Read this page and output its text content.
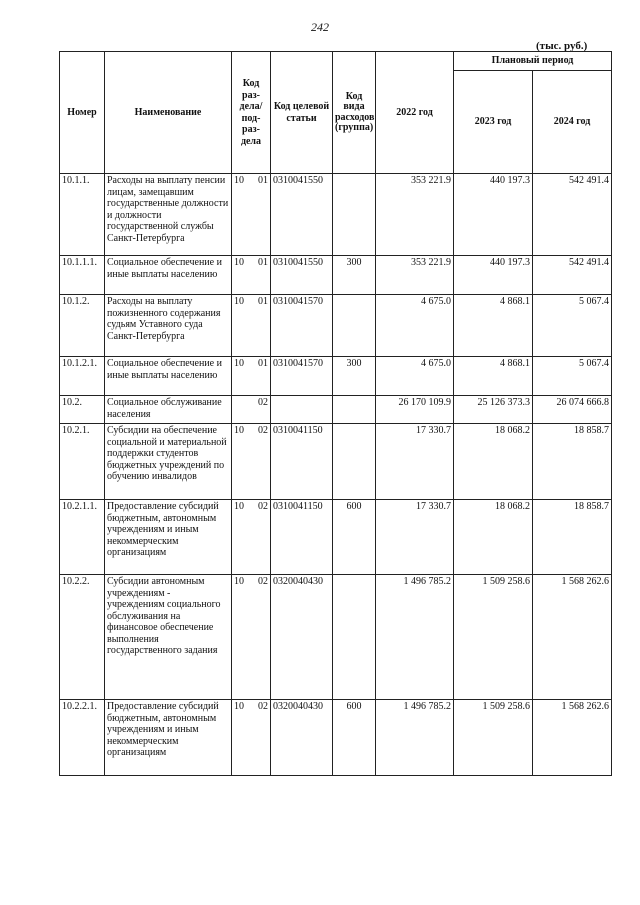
242
(тыс. руб.)
Номер	Наименование	Код раз- дела/ под- раз- дела	Код целевой статьи	Код вида расходов (группа)	2022 год	Плановый период	
						2023 год	2024 год
10.1.1.	Расходы на выплату пенсии лицам, замещавшим государственные должности и должности государственной службы Санкт-Петербурга	10 01	0310041550		353 221.9	440 197.3	542 491.4
10.1.1.1.	Социальное обеспечение и иные выплаты населению	10 01	0310041550	300	353 221.9	440 197.3	542 491.4
10.1.2.	Расходы на выплату пожизненного содержания судьям Уставного суда Санкт-Петербурга	10 01	0310041570		4 675.0	4 868.1	5 067.4
10.1.2.1.	Социальное обеспечение и иные выплаты населению	10 01	0310041570	300	4 675.0	4 868.1	5 067.4
10.2.	Социальное обслуживание населения	02			26 170 109.9	25 126 373.3	26 074 666.8
10.2.1.	Субсидии на обеспечение социальной и материальной поддержки студентов бюджетных учреждений по обучению инвалидов	10 02	0310041150		17 330.7	18 068.2	18 858.7
10.2.1.1.	Предоставление субсидий бюджетным, автономным учреждениям и иным некоммерческим организациям	10 02	0310041150	600	17 330.7	18 068.2	18 858.7
10.2.2.	Субсидии автономным учреждениям - учреждениям социального обслуживания на финансовое обеспечение выполнения государственного задания	10 02	0320040430		1 496 785.2	1 509 258.6	1 568 262.6
10.2.2.1.	Предоставление субсидий бюджетным, автономным учреждениям и иным некоммерческим организациям	10 02	0320040430	600	1 496 785.2	1 509 258.6	1 568 262.6
